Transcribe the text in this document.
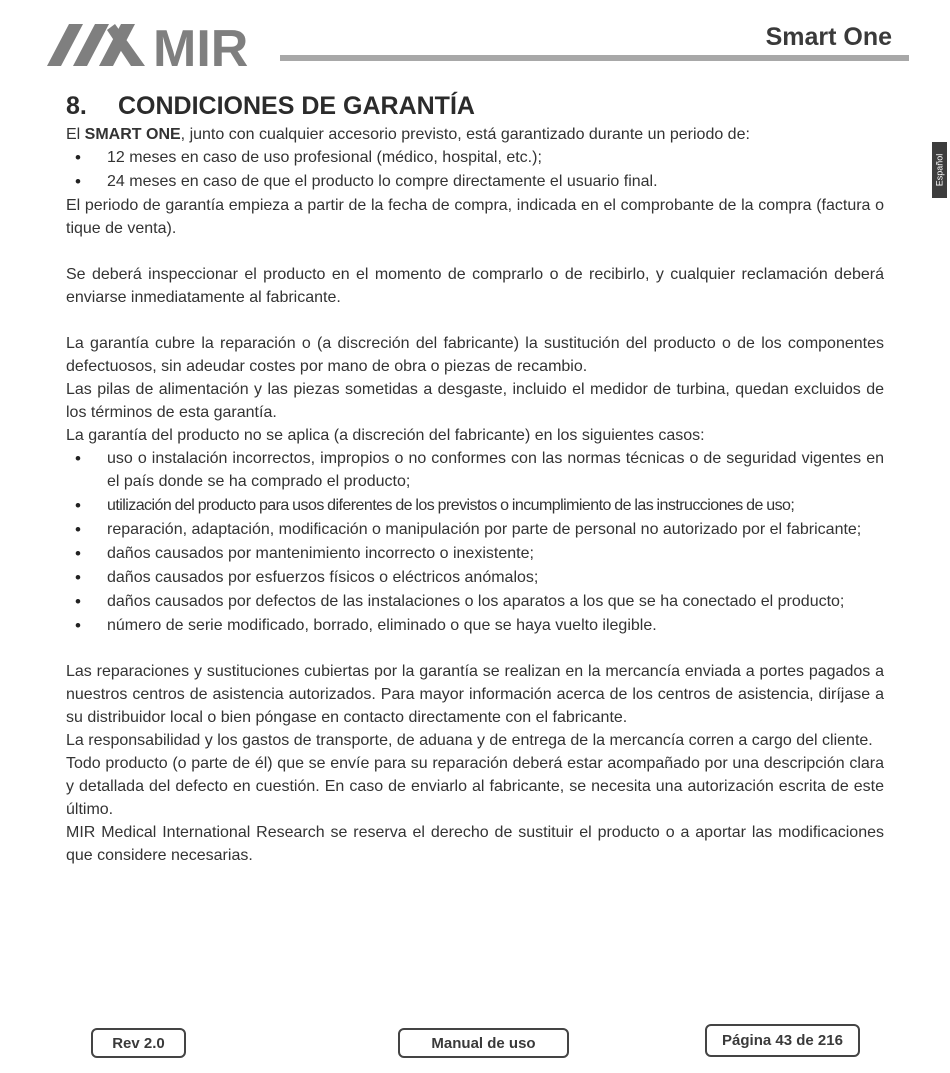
MIR	Smart One
Español
8.	CONDICIONES DE GARANTÍA

El SMART ONE, junto con cualquier accesorio previsto, está garantizado durante un periodo de:

• 12 meses en caso de uso profesional (médico, hospital, etc.);
• 24 meses en caso de que el producto lo compre directamente el usuario final.

El periodo de garantía empieza a partir de la fecha de compra, indicada en el comprobante de la compra (factura o tique de venta).

Se deberá inspeccionar el producto en el momento de comprarlo o de recibirlo, y cualquier reclamación deberá enviarse inmediatamente al fabricante.

La garantía cubre la reparación o (a discreción del fabricante) la sustitución del producto o de los componentes defectuosos, sin adeudar costes por mano de obra o piezas de recambio.

Las pilas de alimentación y las piezas sometidas a desgaste, incluido el medidor de turbina, quedan excluidos de los términos de esta garantía.

La garantía del producto no se aplica (a discreción del fabricante) en los siguientes casos:

• uso o instalación incorrectos, impropios o no conformes con las normas técnicas o de seguridad vigentes en el país donde se ha comprado el producto;
• utilización del producto para usos diferentes de los previstos o incumplimiento de las instrucciones de uso;
• reparación, adaptación, modificación o manipulación por parte de personal no autorizado por el fabricante;
• daños causados por mantenimiento incorrecto o inexistente;
• daños causados por esfuerzos físicos o eléctricos anómalos;
• daños causados por defectos de las instalaciones o los aparatos a los que se ha conectado el producto;
• número de serie modificado, borrado, eliminado o que se haya vuelto ilegible.

Las reparaciones y sustituciones cubiertas por la garantía se realizan en la mercancía enviada a portes pagados a nuestros centros de asistencia autorizados. Para mayor información acerca de los centros de asistencia, diríjase a su distribuidor local o bien póngase en contacto directamente con el fabricante.

La responsabilidad y los gastos de transporte, de aduana y de entrega de la mercancía corren a cargo del cliente.

Todo producto (o parte de él) que se envíe para su reparación deberá estar acompañado por una descripción clara y detallada del defecto en cuestión. En caso de enviarlo al fabricante, se necesita una autorización escrita de este último.

MIR Medical International Research se reserva el derecho de sustituir el producto o a aportar las modificaciones que considere necesarias.

Rev 2.0	Manual de uso	Página 43 de 216
